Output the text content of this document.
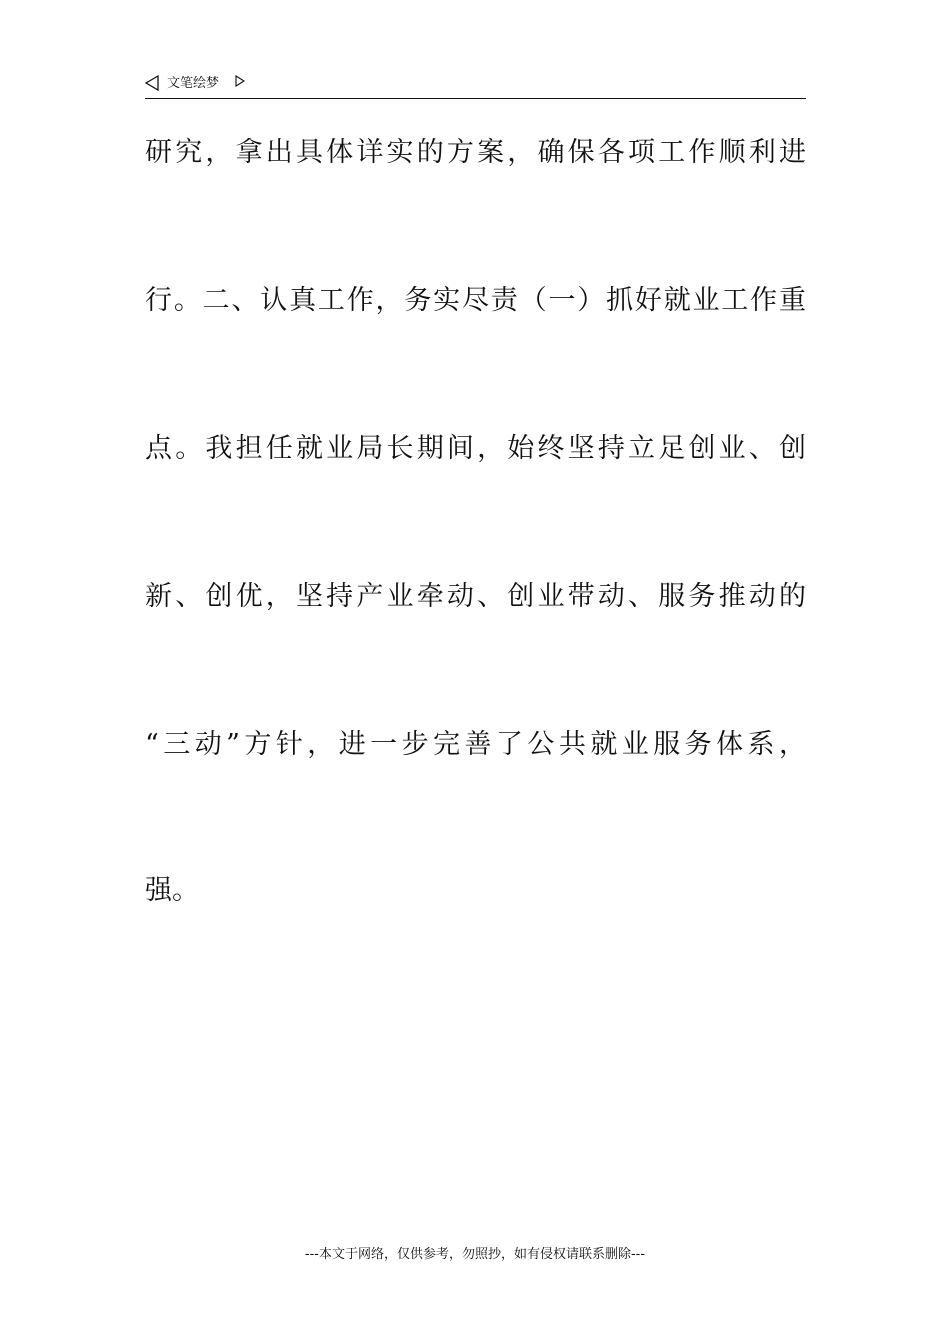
文笔绘梦
研究，拿出具体详实的方案，确保各项工作顺利进
行。二、认真工作，务实尽责（一）抓好就业工作重
点。我担任就业局长期间，始终坚持立足创业、创
新、创优，坚持产业牵动、创业带动、服务推动的
“三动”方针，进一步完善了公共就业服务体系，
强。
---本文于网络，仅供参考，勿照抄，如有侵权请联系删除---
